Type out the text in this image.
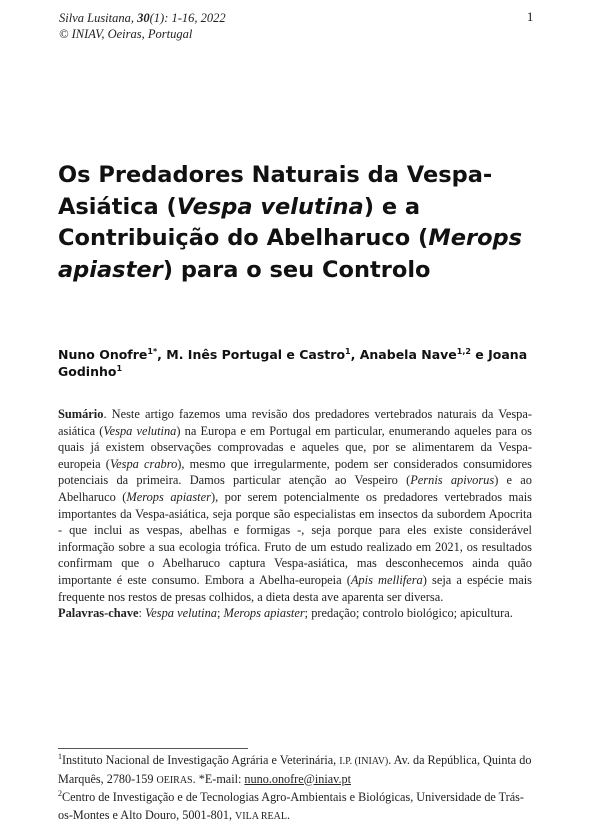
Silva Lusitana, 30(1): 1-16, 2022
© INIAV, Oeiras, Portugal
1
Os Predadores Naturais da Vespa-Asiática (Vespa velutina) e a Contribuição do Abelharuco (Merops apiaster) para o seu Controlo
Nuno Onofre$^{1*}$, M. Inês Portugal e Castro$^1$, Anabela Nave$^{1,2}$ e Joana Godinho$^1$

Sumário. Neste artigo fazemos uma revisão dos predadores vertebrados naturais da Vespa-asiática (Vespa velutina) na Europa e em Portugal em particular, enumerando aqueles para os quais já existem observações comprovadas e aqueles que, por se alimentarem da Vespa-europeia (Vespa crabro), mesmo que irregularmente, podem ser considerados consumidores potenciais da primeira. Damos particular atenção ao Vespeiro (Pernis apivorus) e ao Abelharuco (Merops apiaster), por serem potencialmente os predadores vertebrados mais importantes da Vespa-asiática, seja porque são especialistas em insectos da subordem Apocrita - que inclui as vespas, abelhas e formigas -, seja porque para eles existe considerável informação sobre a sua ecologia trófica. Fruto de um estudo realizado em 2021, os resultados confirmam que o Abelharuco captura Vespa-asiática, mas desconhecemos ainda quão importante é este consumo. Embora a Abelha-europeia (Apis mellifera) seja a espécie mais frequente nos restos de presas colhidos, a dieta desta ave aparenta ser diversa.

Palavras-chave: Vespa velutina; Merops apiaster; predação; controlo biológico; apicultura.

$^1$Instituto Nacional de Investigação Agrária e Veterinária, I.P. (INIAV). Av. da República, Quinta do Marquês, 2780-159 OEIRAS. *E-mail: nuno.onofre@iniav.pt

$^2$Centro de Investigação e de Tecnologias Agro-Ambientais e Biológicas, Universidade de Trás-os-Montes e Alto Douro, 5001-801, VILA REAL.
